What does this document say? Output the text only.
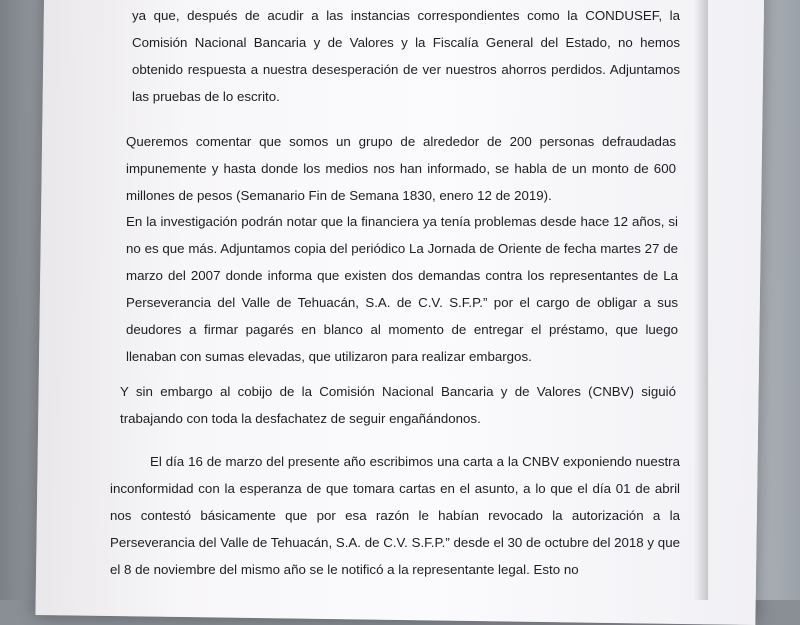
ya que, después de acudir a las instancias correspondientes como la CONDUSEF, la Comisión Nacional Bancaria y de Valores y la Fiscalía General del Estado, no hemos obtenido respuesta a nuestra desesperación de ver nuestros ahorros perdidos. Adjuntamos las pruebas de lo escrito.

Queremos comentar que somos un grupo de alrededor de 200 personas defraudadas impunemente y hasta donde los medios nos han informado, se habla de un monto de 600 millones de pesos (Semanario Fin de Semana 1830, enero 12 de 2019).

En la investigación podrán notar que la financiera ya tenía problemas desde hace 12 años, si no es que más. Adjuntamos copia del periódico La Jornada de Oriente de fecha martes 27 de marzo del 2007 donde informa que existen dos demandas contra los representantes de La Perseverancia del Valle de Tehuacán, S.A. de C.V. S.F.P.” por el cargo de obligar a sus deudores a firmar pagarés en blanco al momento de entregar el préstamo, que luego llenaban con sumas elevadas, que utilizaron para realizar embargos.

Y sin embargo al cobijo de la Comisión Nacional Bancaria y de Valores (CNBV) siguió trabajando con toda la desfachatez de seguir engañándonos.

El día 16 de marzo del presente año escribimos una carta a la CNBV exponiendo nuestra inconformidad con la esperanza de que tomara cartas en el asunto, a lo que el día 01 de abril nos contestó básicamente que por esa razón le habían revocado la autorización a la Perseverancia del Valle de Tehuacán, S.A. de C.V. S.F.P.” desde el 30 de octubre del 2018 y que el 8 de noviembre del mismo año se le notificó a la representante legal. Esto no
